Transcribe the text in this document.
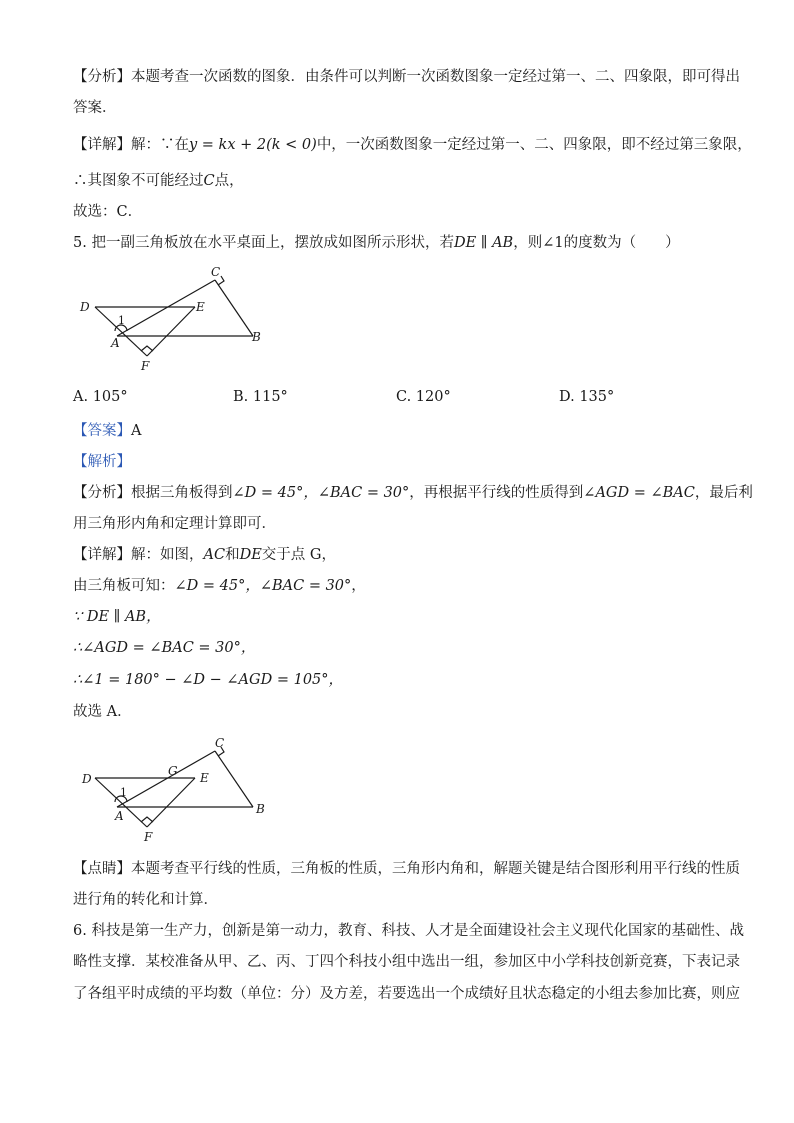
【分析】本题考查一次函数的图象．由条件可以判断一次函数图象一定经过第一、二、四象限，即可得出
答案．
【详解】解：∵在y = kx + 2(k < 0)中，一次函数图象一定经过第一、二、四象限，即不经过第三象限，
∴其图象不可能经过C点，
故选：C．
5. 把一副三角板放在水平桌面上，摆放成如图所示形状，若DE ∥ AB，则∠1的度数为（　　）
C
D	E
A	B
F
1
A. 105°	B. 115°	C. 120°	D. 135°
【答案】A
【解析】
【分析】根据三角板得到∠D = 45°，∠BAC = 30°，再根据平行线的性质得到∠AGD = ∠BAC，最后利
用三角形内角和定理计算即可．
【详解】解：如图，AC和DE交于点 G，
由三角板可知：∠D = 45°，∠BAC = 30°，
∵ DE ∥ AB，
∴∠AGD = ∠BAC = 30°，
∴∠1 = 180° − ∠D − ∠AGD = 105°，
故选 A．
C
D
G E
A	B
F
1
【点睛】本题考查平行线的性质，三角板的性质，三角形内角和，解题关键是结合图形利用平行线的性质
进行角的转化和计算．
6. 科技是第一生产力，创新是第一动力，教育、科技、人才是全面建设社会主义现代化国家的基础性、战
略性支撑．某校准备从甲、乙、丙、丁四个科技小组中选出一组，参加区中小学科技创新竞赛，下表记录
了各组平时成绩的平均数（单位：分）及方差，若要选出一个成绩好且状态稳定的小组去参加比赛，则应
